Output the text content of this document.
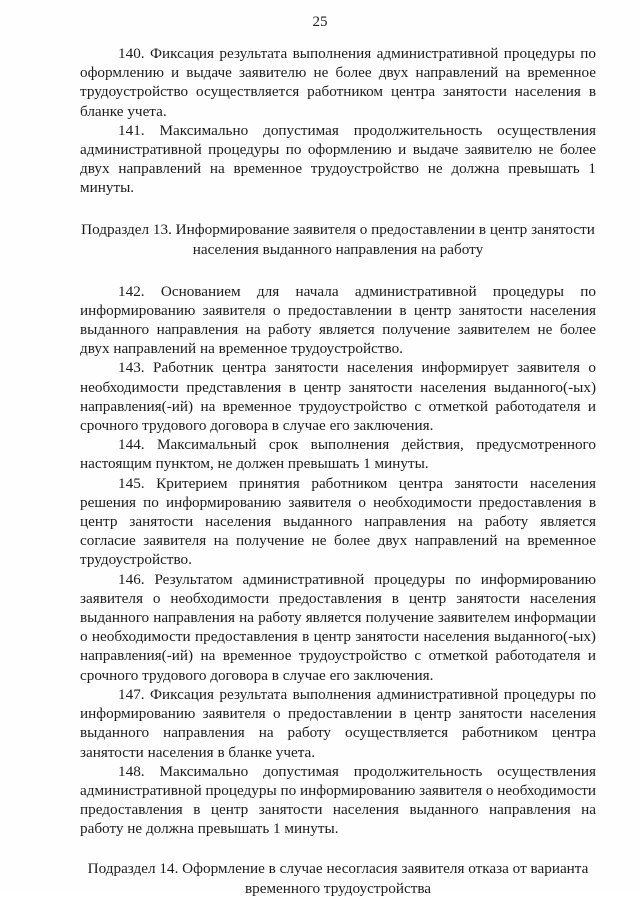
25

140. Фиксация результата выполнения административной процедуры по оформлению и выдаче заявителю не более двух направлений на временное трудоустройство осуществляется работником центра занятости населения в бланке учета.

141. Максимально допустимая продолжительность осуществления административной процедуры по оформлению и выдаче заявителю не более двух направлений на временное трудоустройство не должна превышать 1 минуты.

Подраздел 13. Информирование заявителя о предоставлении в центр занятости населения выданного направления на работу

142. Основанием для начала административной процедуры по информированию заявителя о предоставлении в центр занятости населения выданного направления на работу является получение заявителем не более двух направлений на временное трудоустройство.

143. Работник центра занятости населения информирует заявителя о необходимости представления в центр занятости населения выданного(-ых) направления(-ий) на временное трудоустройство с отметкой работодателя и срочного трудового договора в случае его заключения.

144. Максимальный срок выполнения действия, предусмотренного настоящим пунктом, не должен превышать 1 минуты.

145. Критерием принятия работником центра занятости населения решения по информированию заявителя о необходимости предоставления в центр занятости населения выданного направления на работу является согласие заявителя на получение не более двух направлений на временное трудоустройство.

146. Результатом административной процедуры по информированию заявителя о необходимости предоставления в центр занятости населения выданного направления на работу является получение заявителем информации о необходимости предоставления в центр занятости населения выданного(-ых) направления(-ий) на временное трудоустройство с отметкой работодателя и срочного трудового договора в случае его заключения.

147. Фиксация результата выполнения административной процедуры по информированию заявителя о предоставлении в центр занятости населения выданного направления на работу осуществляется работником центра занятости населения в бланке учета.

148. Максимально допустимая продолжительность осуществления административной процедуры по информированию заявителя о необходимости предоставления в центр занятости населения выданного направления на работу не должна превышать 1 минуты.

Подраздел 14. Оформление в случае несогласия заявителя отказа от варианта временного трудоустройства
